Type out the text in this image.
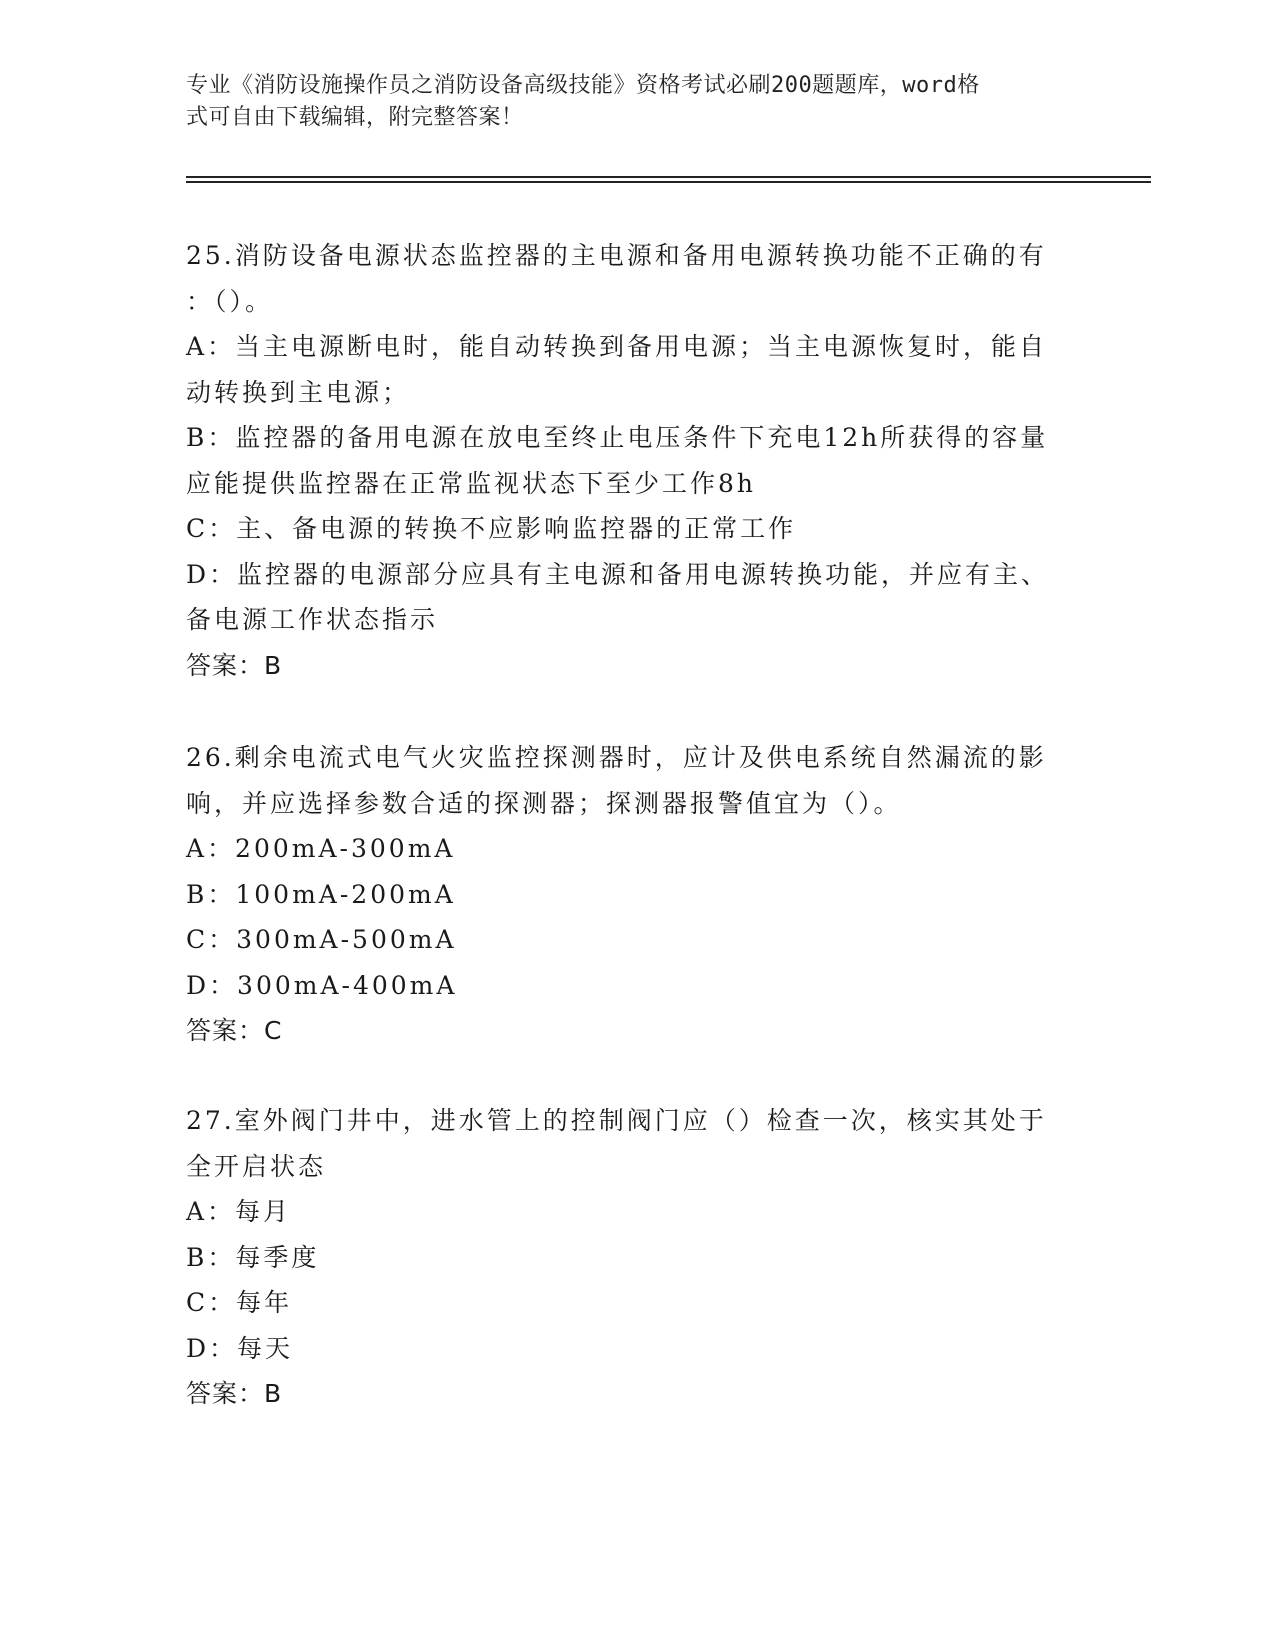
专业《消防设施操作员之消防设备高级技能》资格考试必刷200题题库，word格
式可自由下载编辑，附完整答案！
25.消防设备电源状态监控器的主电源和备用电源转换功能不正确的有
：（）。
A：当主电源断电时，能自动转换到备用电源；当主电源恢复时，能自
动转换到主电源；
B：监控器的备用电源在放电至终止电压条件下充电12h所获得的容量
应能提供监控器在正常监视状态下至少工作8h
C：主、备电源的转换不应影响监控器的正常工作
D：监控器的电源部分应具有主电源和备用电源转换功能，并应有主、
备电源工作状态指示
答案：B
26.剩余电流式电气火灾监控探测器时，应计及供电系统自然漏流的影
响，并应选择参数合适的探测器；探测器报警值宜为（）。
A：200mA-300mA
B：100mA-200mA
C：300mA-500mA
D：300mA-400mA
答案：C
27.室外阀门井中，进水管上的控制阀门应（）检查一次，核实其处于
全开启状态
A：每月
B：每季度
C：每年
D：每天
答案：B
